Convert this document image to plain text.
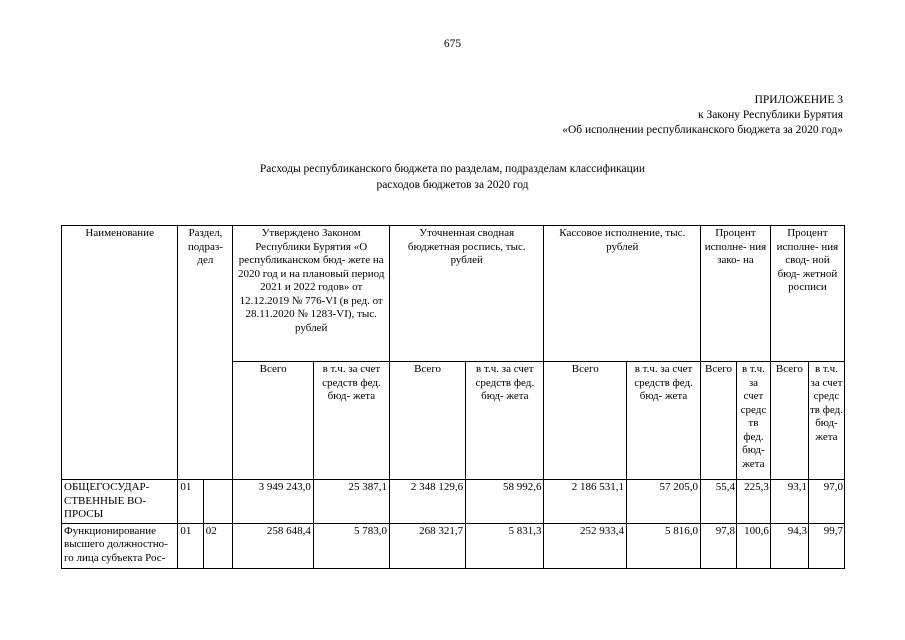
675
ПРИЛОЖЕНИЕ 3
к Закону Республики Бурятия
«Об исполнении республиканского бюджета за 2020 год»
Расходы республиканского бюджета по разделам, подразделам классификации
расходов бюджетов за 2020 год
Наименование	Раздел, подраз- дел		Утверждено Законом Республики Бурятия «О республиканском бюд- жете на 2020 год и на плановый период 2021 и 2022 годов» от 12.12.2019 № 776-VI (в ред. от 28.11.2020 № 1283-VI), тыс. рублей		Уточненная сводная бюджетная роспись, тыс. рублей		Кассовое исполнение, тыс. рублей		Процент исполне- ния зако- на		Процент исполне- ния свод- ной бюд- жетной росписи	
			Всего	в т.ч. за счет средств фед. бюд- жета	Всего	в т.ч. за счет средств фед. бюд- жета	Всего	в т.ч. за счет средств фед. бюд- жета	Всего	в т.ч. за счет средс тв фед. бюд- жета	Всего	в т.ч. за счет средс тв фед. бюд- жета
ОБЩЕГОСУДАР- СТВЕННЫЕ ВО- ПРОСЫ	01		3 949 243,0	25 387,1	2 348 129,6	58 992,6	2 186 531,1	57 205,0	55,4	225,3	93,1	97,0
Функционирование высшего должностно- го лица субъекта Рос-	01	02	258 648,4	5 783,0	268 321,7	5 831,3	252 933,4	5 816,0	97,8	100,6	94,3	99,7
